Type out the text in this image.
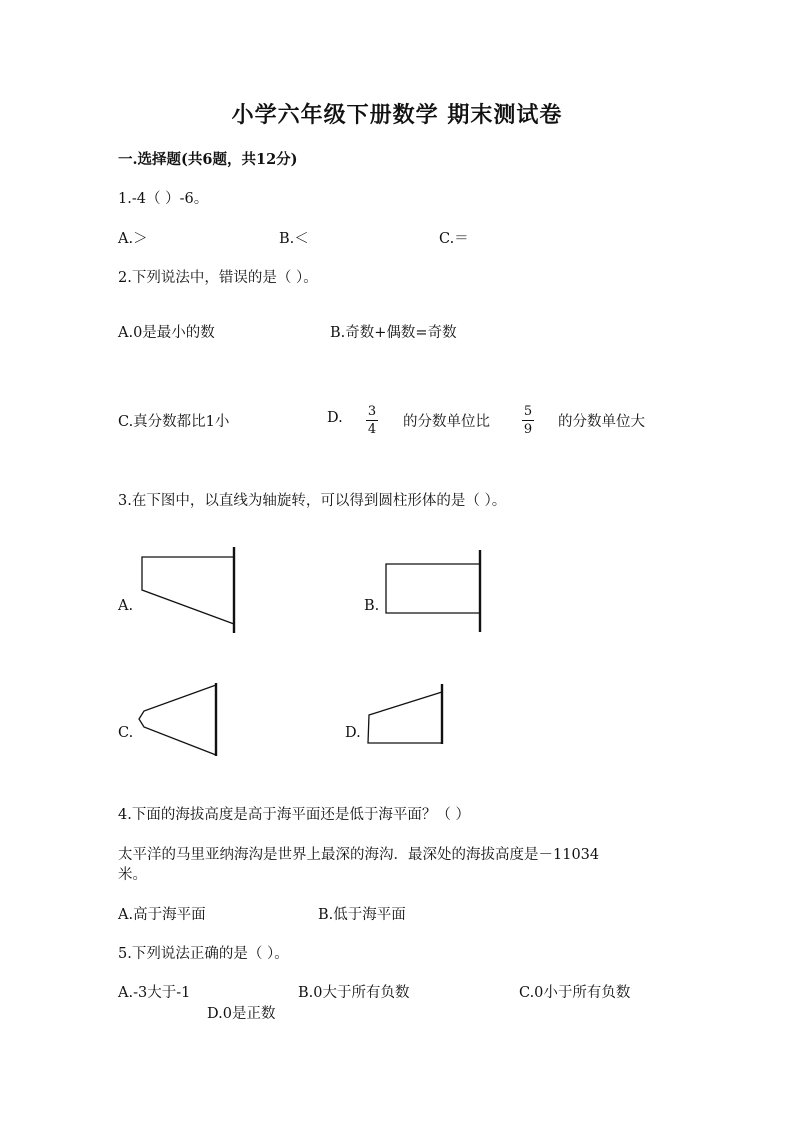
小学六年级下册数学 期末测试卷
一.选择题(共6题，共12分)
1.-4（ ）-6。
A.＞	B.＜	C.＝
2.下列说法中，错误的是（ ）。
A.0是最小的数	B.奇数+偶数=奇数
C.真分数都比1小	D. 3
4 的分数单位比
5
9 的分数单位大
3.在下图中，以直线为轴旋转，可以得到圆柱形体的是（ ）。
A.	B.
C.	D.
4.下面的海拔高度是高于海平面还是低于海平面？（ ）
太平洋的马里亚纳海沟是世界上最深的海沟．最深处的海拔高度是－11034
米。
A.高于海平面	B.低于海平面
5.下列说法正确的是（ ）。
A.-3大于-1	B.0大于所有负数	C.0小于所有负数
D.0是正数
